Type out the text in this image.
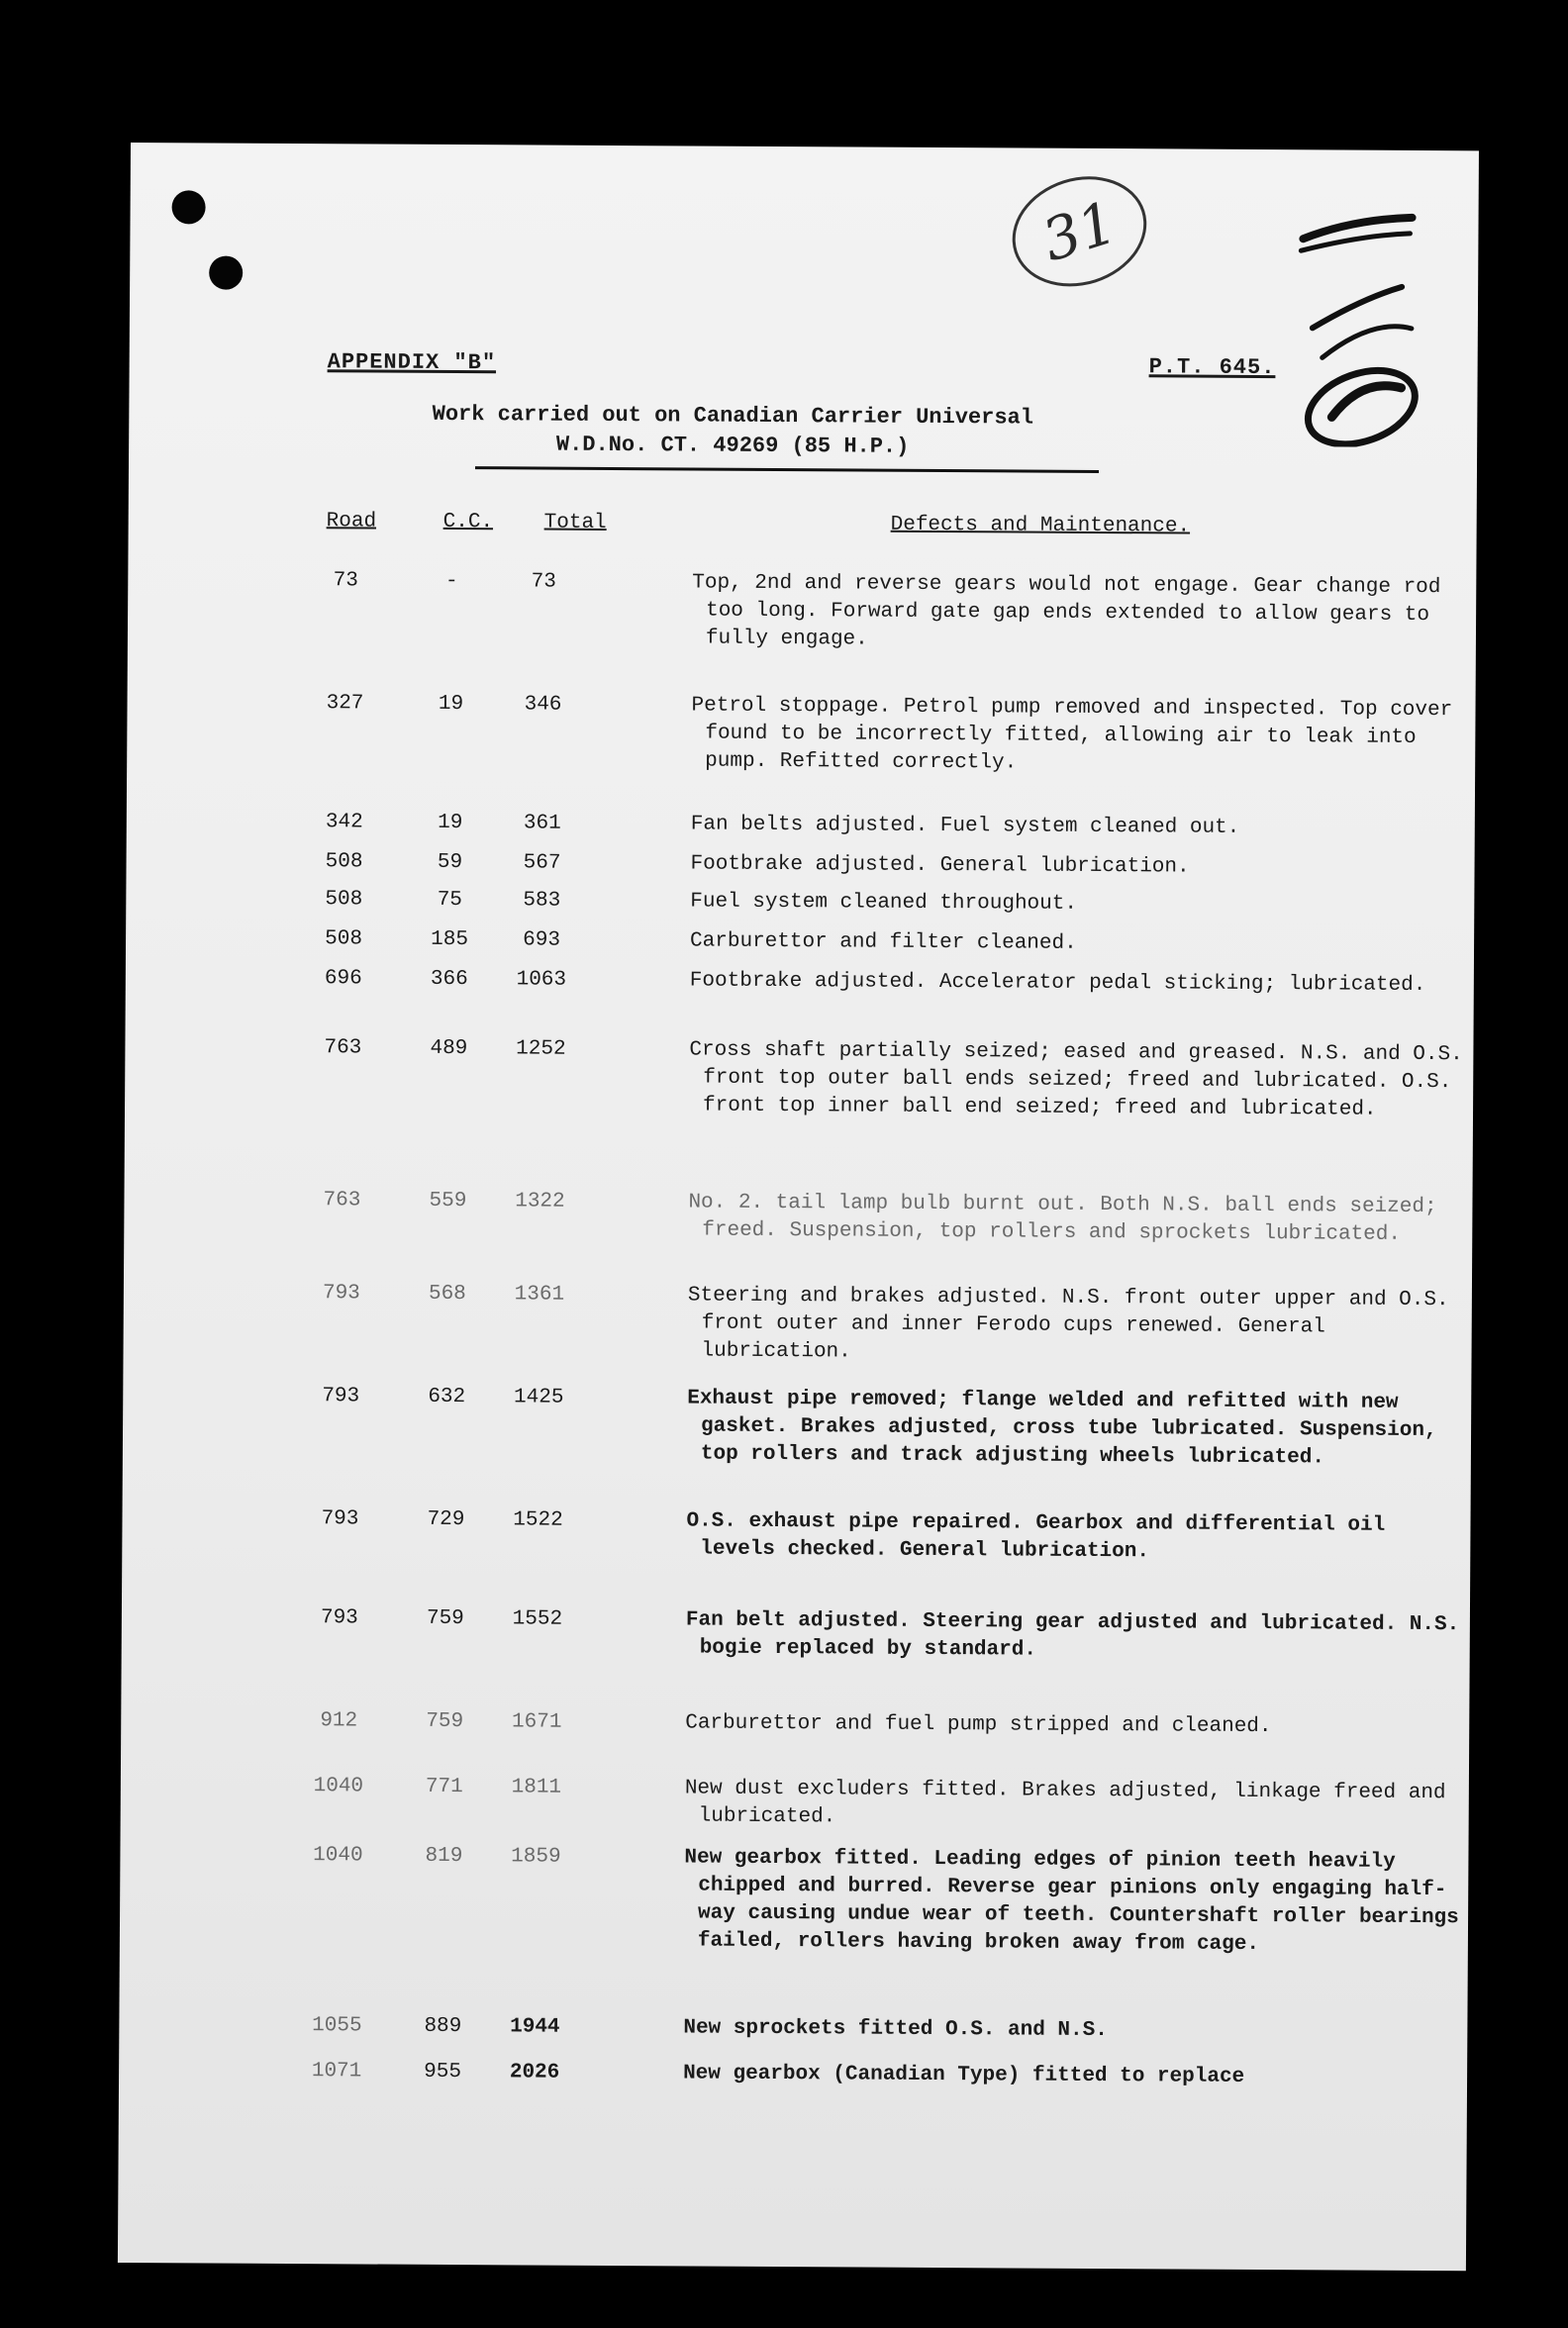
31
APPENDIX "B"	P.T. 645.
Work carried out on Canadian Carrier Universal
W.D.No. CT. 49269 (85 H.P.)
Road	C.C. Total	Defects and Maintenance.
73	-	73	Top, 2nd and reverse gears would not engage. Gear change rod too long. Forward gate gap ends extended to allow gears to fully engage.
327	19	346	Petrol stoppage. Petrol pump removed and inspected. Top cover found to be incorrectly fitted, allowing air to leak into pump. Refitted correctly.
342	19	361	Fan belts adjusted. Fuel system cleaned out.
508	59	567	Footbrake adjusted. General lubrication.
508	75	583	Fuel system cleaned throughout.
508	185	693	Carburettor and filter cleaned.
696	366	1063	Footbrake adjusted. Accelerator pedal sticking; lubricated.
763	489	1252	Cross shaft partially seized; eased and greased. N.S. and O.S. front top outer ball ends seized; freed and lubricated. O.S. front top inner ball end seized; freed and lubricated.
763	559	1322	No. 2. tail lamp bulb burnt out. Both N.S. ball ends seized; freed. Suspension, top rollers and sprockets lubricated.
793	568	1361	Steering and brakes adjusted. N.S. front outer upper and O.S. front outer and inner Ferodo cups renewed. General lubrication.
793	632	1425	Exhaust pipe removed; flange welded and refitted with new gasket. Brakes adjusted, cross tube lubricated. Suspension, top rollers and track adjusting wheels lubricated.
793	729	1522	O.S. exhaust pipe repaired. Gearbox and differential oil levels checked. General lubrication.
793	759	1552	Fan belt adjusted. Steering gear adjusted and lubricated. N.S. bogie replaced by standard.
912	759	1671	Carburettor and fuel pump stripped and cleaned.
1040	771	1811	New dust excluders fitted. Brakes adjusted, linkage freed and lubricated.
1040	819	1859	New gearbox fitted. Leading edges of pinion teeth heavily chipped and burred. Reverse gear pinions only engaging half-way causing undue wear of teeth. Countershaft roller bearings failed, rollers having broken away from cage.
1055	889	1944	New sprockets fitted O.S. and N.S.
1071	955	2026	New gearbox (Canadian Type) fitted to replace
